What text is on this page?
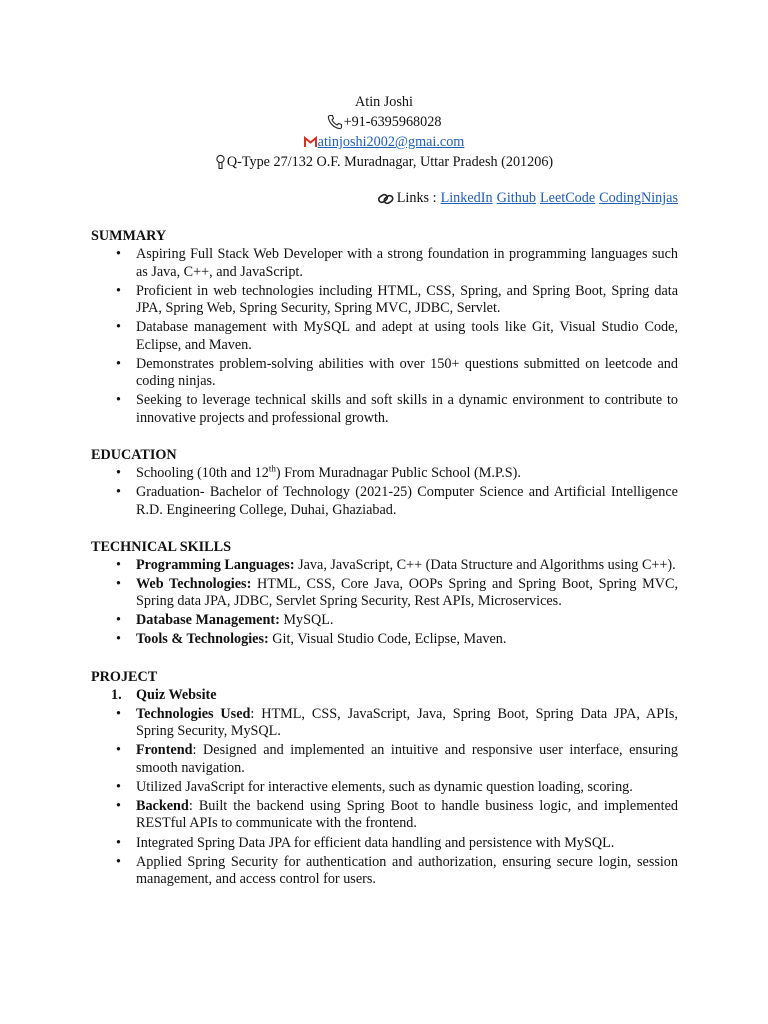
Atin Joshi
+91-6395968028
atinjoshi2002@gmai.com
Q-Type 27/132 O.F. Muradnagar, Uttar Pradesh (201206)
Links : LinkedIn Github LeetCode CodingNinjas
SUMMARY
• Aspiring Full Stack Web Developer with a strong foundation in programming languages such as Java, C++, and JavaScript.
• Proficient in web technologies including HTML, CSS, Spring, and Spring Boot, Spring data JPA, Spring Web, Spring Security, Spring MVC, JDBC, Servlet.
• Database management with MySQL and adept at using tools like Git, Visual Studio Code, Eclipse, and Maven.
• Demonstrates problem-solving abilities with over 150+ questions submitted on leetcode and coding ninjas.
• Seeking to leverage technical skills and soft skills in a dynamic environment to contribute to innovative projects and professional growth.
EDUCATION
• Schooling (10th and 12th) From Muradnagar Public School (M.P.S).
• Graduation- Bachelor of Technology (2021-25) Computer Science and Artificial Intelligence R.D. Engineering College, Duhai, Ghaziabad.
TECHNICAL SKILLS
• Programming Languages: Java, JavaScript, C++ (Data Structure and Algorithms using C++).
• Web Technologies: HTML, CSS, Core Java, OOPs Spring and Spring Boot, Spring MVC, Spring data JPA, JDBC, Servlet Spring Security, Rest APIs, Microservices.
• Database Management: MySQL.
• Tools & Technologies: Git, Visual Studio Code, Eclipse, Maven.
PROJECT
1. Quiz Website
• Technologies Used: HTML, CSS, JavaScript, Java, Spring Boot, Spring Data JPA, APIs, Spring Security, MySQL.
• Frontend: Designed and implemented an intuitive and responsive user interface, ensuring smooth navigation.
• Utilized JavaScript for interactive elements, such as dynamic question loading, scoring.
• Backend: Built the backend using Spring Boot to handle business logic, and implemented RESTful APIs to communicate with the frontend.
• Integrated Spring Data JPA for efficient data handling and persistence with MySQL.
• Applied Spring Security for authentication and authorization, ensuring secure login, session management, and access control for users.
